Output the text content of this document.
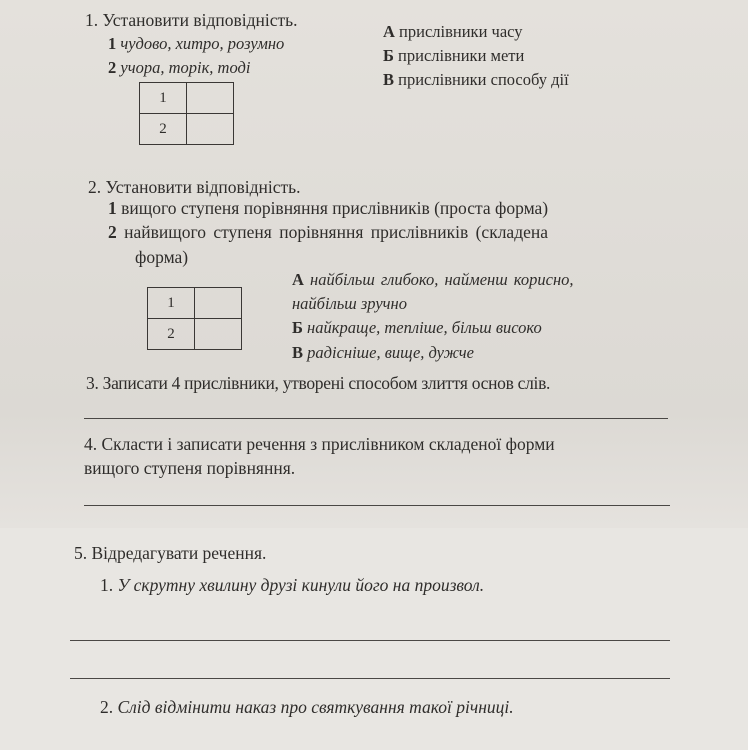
1. Установити відповідність.
1 чудово, хитро, розумно
2 учора, торік, тоді
А прислівники часу
Б прислівники мети
В прислівники способу дії
1	
2	
2. Установити відповідність.
1 вищого ступеня порівняння прислівників (проста форма)
2 найвищого ступеня порівняння прислівників (складена
форма)
1	
2	
А найбільш глибоко, найменш корисно,
найбільш зручно
Б найкраще, тепліше, більш високо
В радісніше, вище, дужче
3. Записати 4 прислівники, утворені способом злиття основ слів.
4. Скласти і записати речення з прислівником складеної форми
вищого ступеня порівняння.
5. Відредагувати речення.
1. У скрутну хвилину друзі кинули його на произвол.
2. Слід відмінити наказ про святкування такої річниці.
